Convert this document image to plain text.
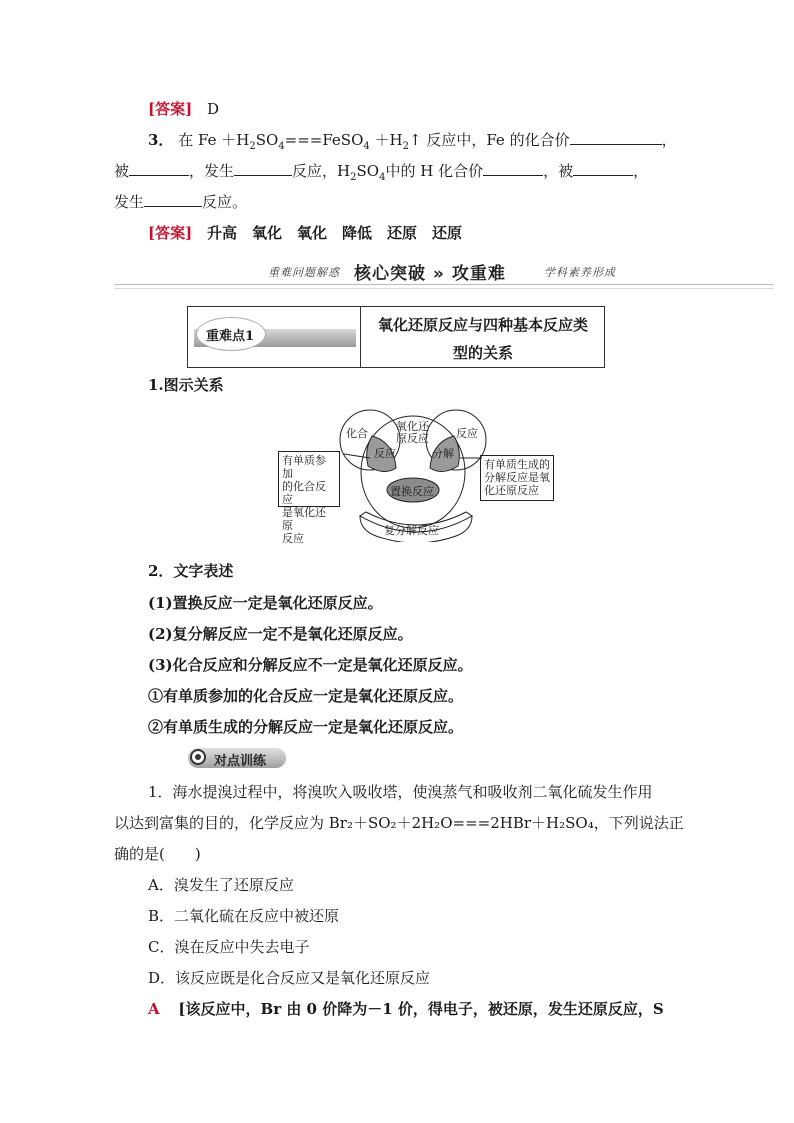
[答案] D
3． 在 $Fe +H_2SO_4===FeSO_4$ $+H_2↑$ 反应中，Fe 的化合价	，
被	，发生	反应，$H_2SO_4$中的 H 化合价	，被	，
发生	反应。
[答案] 升高　氧化　氧化　降低　还原　还原
重难问题解惑 核心突破 » 攻重难	学科素养形成
重难点1
氧化还原反应与四种基本反应类
型的关系
1.图示关系
化合
反应
氧化还
原反应 反应
分解
置换反应
复分解反应
有单质参加
的化合反应
是氧化还原
反应
有单质生成的
分解反应是氧
化还原反应
2．文字表述
(1)置换反应一定是氧化还原反应。
(2)复分解反应一定不是氧化还原反应。
(3)化合反应和分解反应不一定是氧化还原反应。
①有单质参加的化合反应一定是氧化还原反应。
②有单质生成的分解反应一定是氧化还原反应。
对点训练
1．海水提溴过程中，将溴吹入吸收塔，使溴蒸气和吸收剂二氧化硫发生作用
以达到富集的目的，化学反应为 Br₂＋SO₂＋2H₂O===2HBr＋H₂SO₄，下列说法正
确的是(　　)
A．溴发生了还原反应
B．二氧化硫在反应中被还原
C．溴在反应中失去电子
D．该反应既是化合反应又是氧化还原反应
A [该反应中，Br 由 0 价降为－1 价，得电子，被还原，发生还原反应，S
